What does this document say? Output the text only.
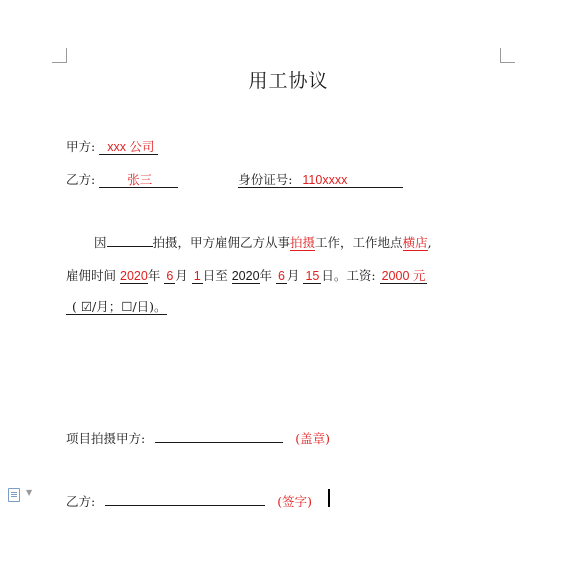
用工协议
甲方: xxx 公司
乙方:	张三	身份证号: 110xxxx
因	拍摄，甲方雇佣乙方从事拍摄工作，工作地点横店,
雇佣时间 2020年 6 月 1 日至 2020年 6 月 15 日。工资: 2000 元
( ☑/月；☐/日)。
项目拍摄甲方:	(盖章)
乙方:	(签字)
▼
